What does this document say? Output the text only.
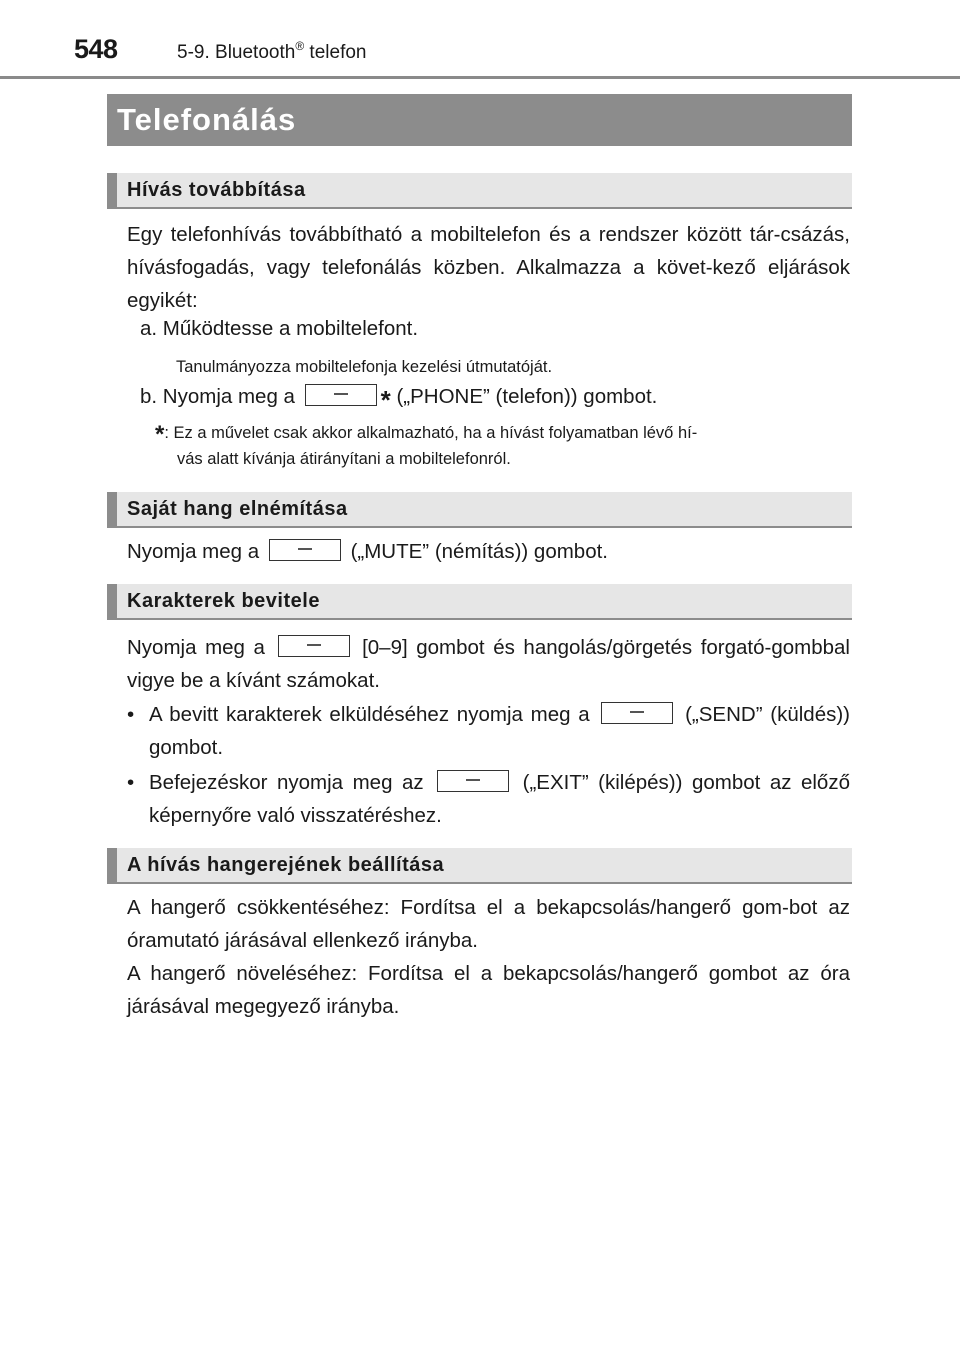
548	5-9. Bluetooth® telefon
Telefonálás
Hívás továbbítása
Egy telefonhívás továbbítható a mobiltelefon és a rendszer között tár-csázás, hívásfogadás, vagy telefonálás közben. Alkalmazza a követ-kező eljárások egyikét:
a. Működtesse a mobiltelefont.
Tanulmányozza mobiltelefonja kezelési útmutatóját.
b. Nyomja meg a	* („PHONE” (telefon)) gombot.
*: Ez a művelet csak akkor alkalmazható, ha a hívást folyamatban lévő hí-
vás alatt kívánja átirányítani a mobiltelefonról.
Saját hang elnémítása
Nyomja meg a	(„MUTE” (némítás)) gombot.
Karakterek bevitele
Nyomja meg a	[0–9] gombot és hangolás/görgetés forgató-gombbal vigye be a kívánt számokat.
• A bevitt karakterek elküldéséhez nyomja meg a	(„SEND” (küldés)) gombot.
• Befejezéskor nyomja meg az	(„EXIT” (kilépés)) gombot az előző képernyőre való visszatéréshez.
A hívás hangerejének beállítása
A hangerő csökkentéséhez: Fordítsa el a bekapcsolás/hangerő gom-bot az óramutató járásával ellenkező irányba.
A hangerő növeléséhez: Fordítsa el a bekapcsolás/hangerő gombot az óra járásával megegyező irányba.
